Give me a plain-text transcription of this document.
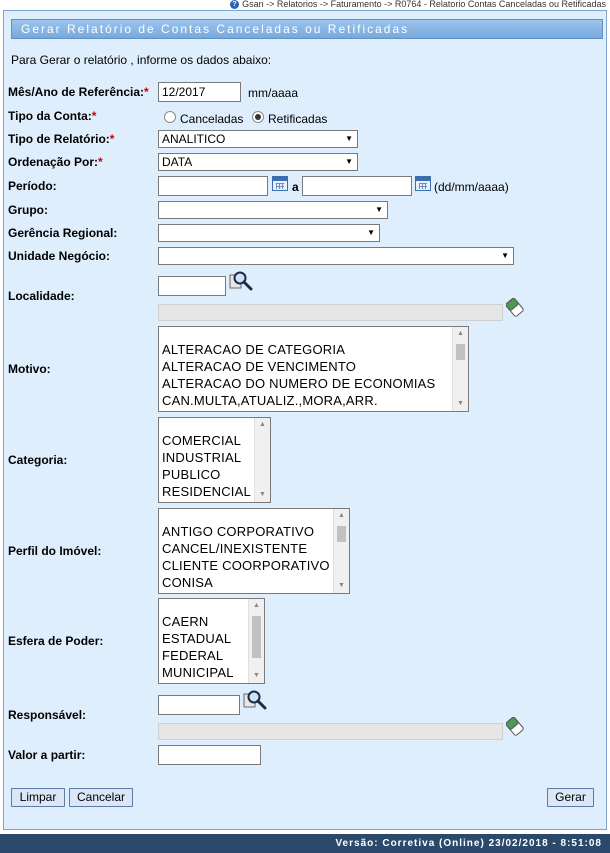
? Gsan -> Relatorios -> Faturamento -> R0764 - Relatorio Contas Canceladas ou Retificadas
Gerar Relatório de Contas Canceladas ou Retificadas
Para Gerar o relatório , informe os dados abaixo:
Mês/Ano de Referência:*	12/2017	mm/aaaa
Tipo da Conta:*	Canceladas Retificadas
Tipo de Relatório:*	ANALITICO	▼
Ordenação Por:*	DATA	▼
Período:	a	(dd/mm/aaaa)
Grupo:	▼
Gerência Regional:	▼
Unidade Negócio:	▼
Localidade:
Motivo:
ALTERACAO DE CATEGORIA
ALTERACAO DE VENCIMENTO
ALTERACAO DO NUMERO DE ECONOMIAS
CAN.MULTA,ATUALIZ.,MORA,ARR.
▲
▼
Categoria:
COMERCIAL
INDUSTRIAL
PUBLICO
RESIDENCIAL
▲
▼
Perfil do Imóvel:
ANTIGO CORPORATIVO
CANCEL/INEXISTENTE
CLIENTE COORPORATIVO
CONISA
▲
▼
Esfera de Poder:
CAERN
ESTADUAL
FEDERAL
MUNICIPAL
▲
▼
Responsável:
Valor a partir:
Limpar	Cancelar	Gerar
Versão: Corretiva (Online) 23/02/2018 - 8:51:08
